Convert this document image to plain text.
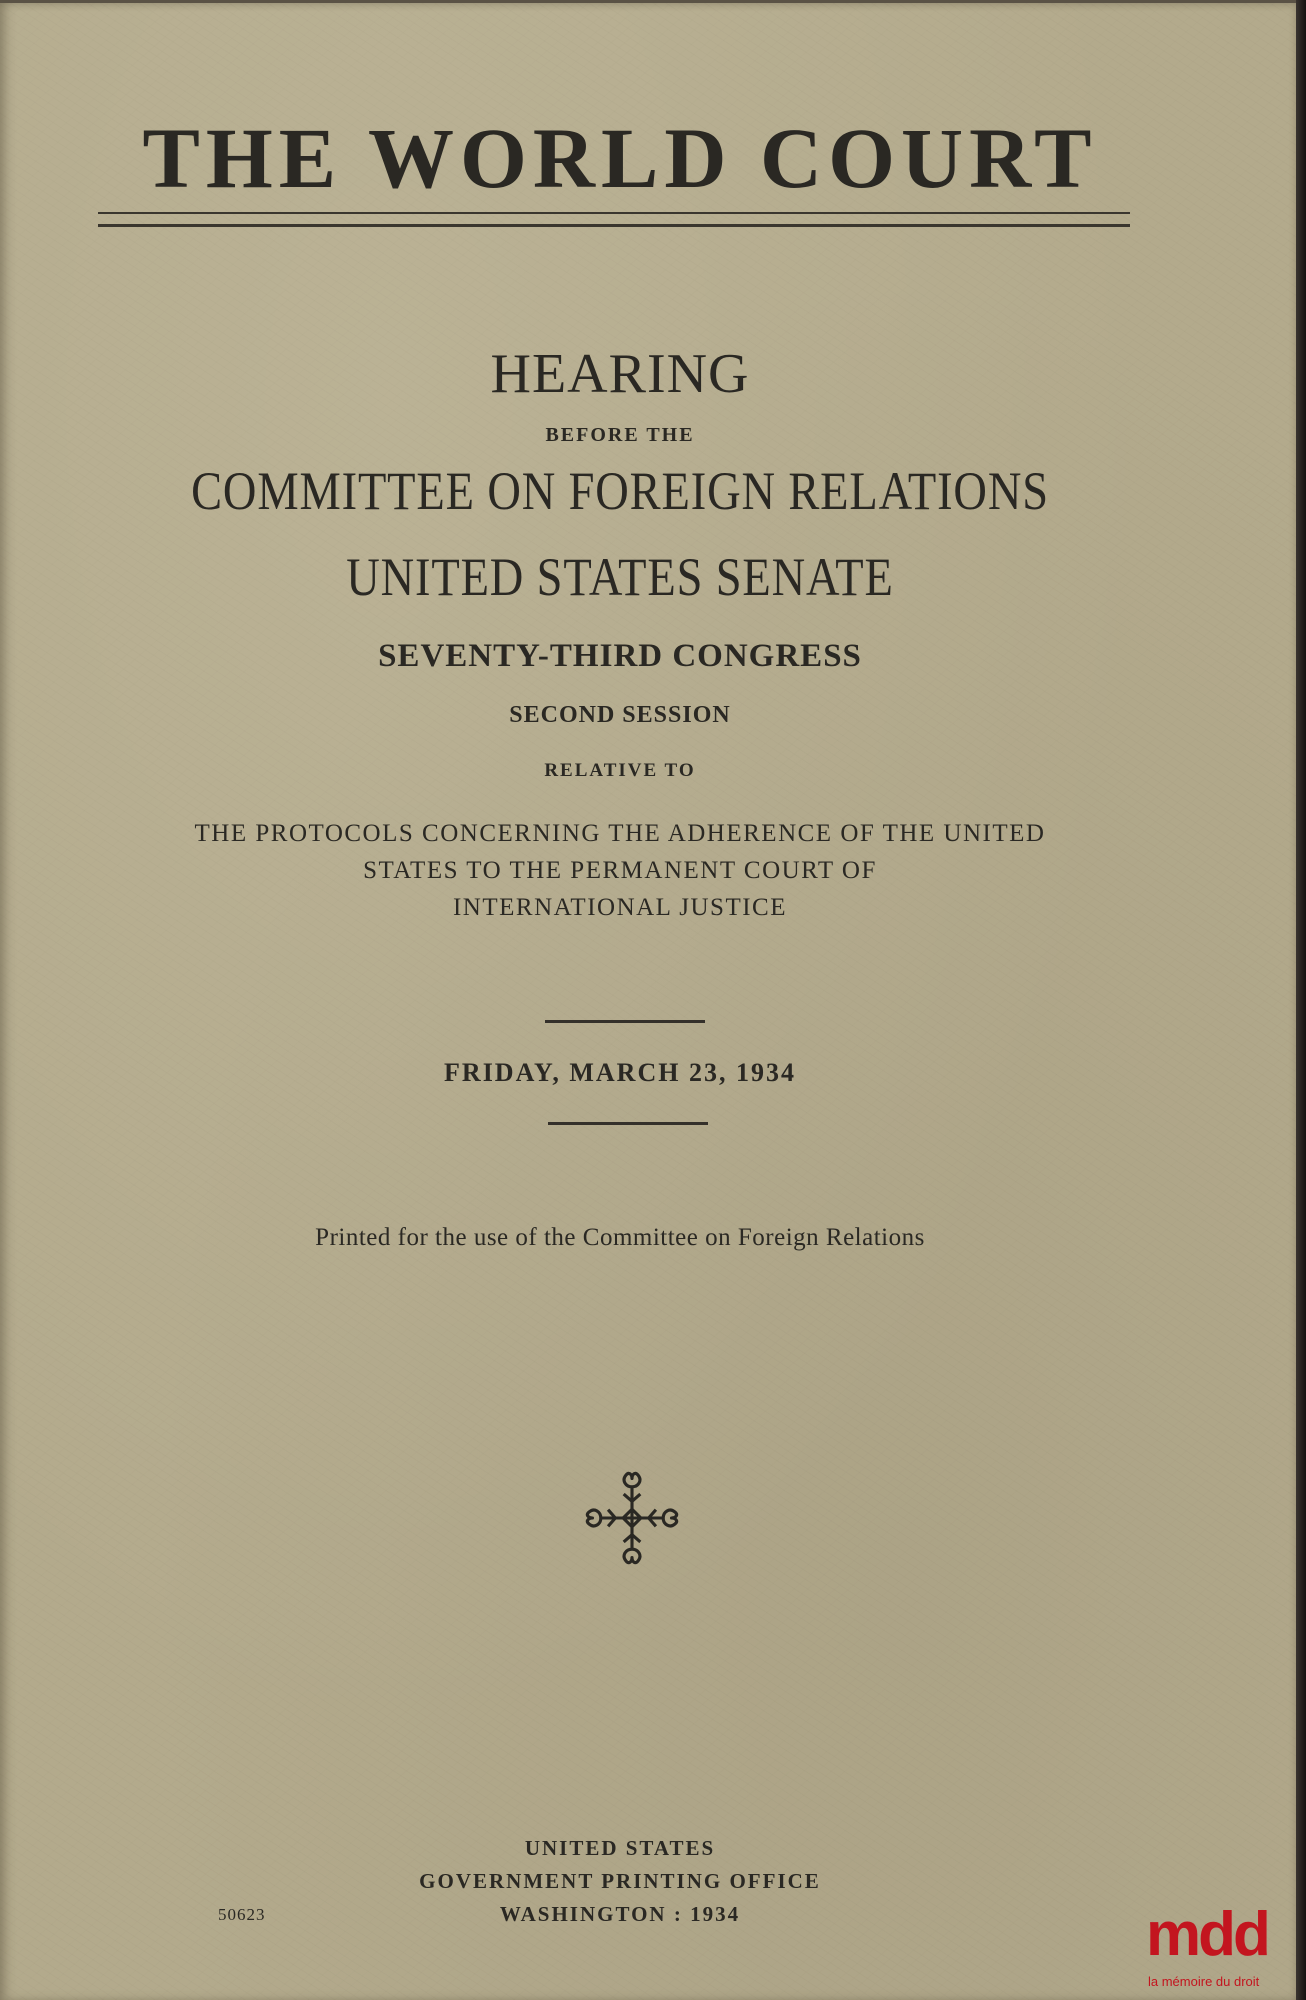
THE WORLD COURT
HEARING
BEFORE THE
COMMITTEE ON FOREIGN RELATIONS
UNITED STATES SENATE
SEVENTY-THIRD CONGRESS
SECOND SESSION
RELATIVE TO
THE PROTOCOLS CONCERNING THE ADHERENCE OF THE UNITED
STATES TO THE PERMANENT COURT OF
INTERNATIONAL JUSTICE
FRIDAY, MARCH 23, 1934
Printed for the use of the Committee on Foreign Relations
UNITED STATES
GOVERNMENT PRINTING OFFICE
WASHINGTON : 1934
50623	mdd
la mémoire du droit
